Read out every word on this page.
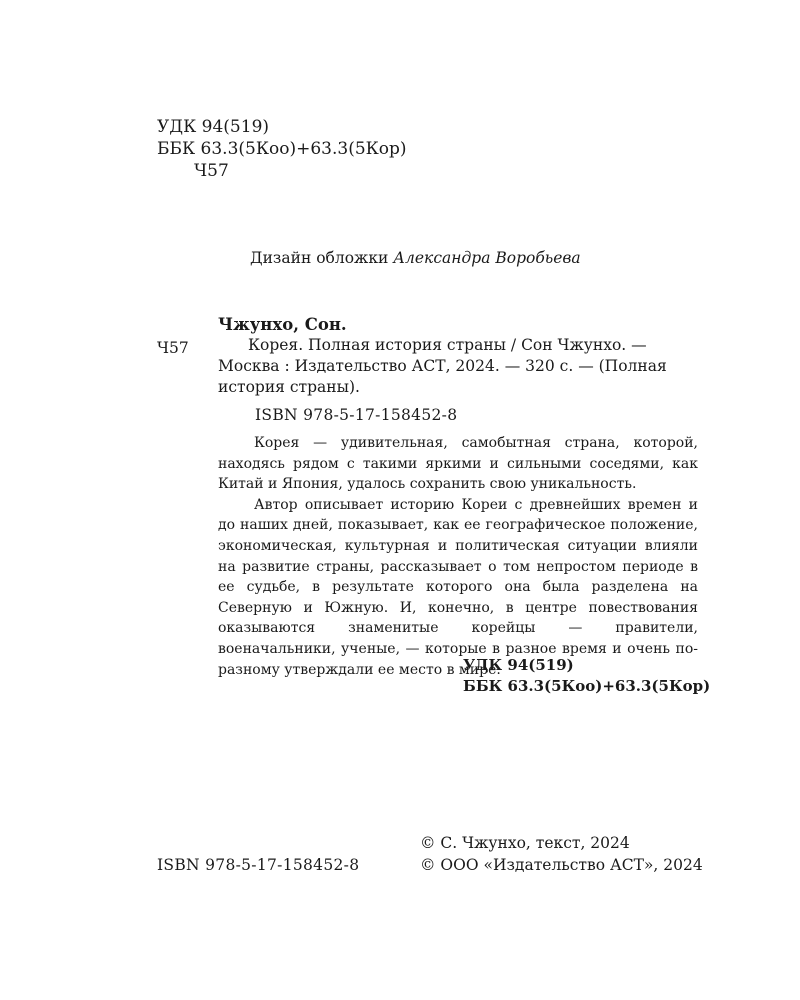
УДК 94(519)
ББК 63.3(5Коо)+63.3(5Кор)
Ч57
Дизайн обложки Александра Воробьева
Чжунхо, Сон.
Ч57	Корея. Полная история страны / Сон Чжунхо. —
Москва : Издательство АСТ, 2024. — 320 с. — (Полная
история страны).
ISBN 978-5-17-158452-8

Корея — удивительная, самобытная страна, которой, находясь рядом с такими яркими и сильными соседями, как Китай и Япония, удалось сохранить свою уникальность.

Автор описывает историю Кореи с древнейших времен и до наших дней, показывает, как ее географическое положение, экономическая, культурная и политическая ситуации влияли на развитие страны, рассказывает о том непростом периоде в ее судьбе, в результате которого она была разделена на Северную и Южную. И, конечно, в центре повествования оказываются знаменитые корейцы — правители, военачальники, ученые, — которые в разное время и очень по-разному утверждали ее место в мире.

УДК 94(519)
ББК 63.3(5Коо)+63.3(5Кор)
© С. Чжунхо, текст, 2024
ISBN 978-5-17-158452-8	© ООО «Издательство АСТ», 2024
